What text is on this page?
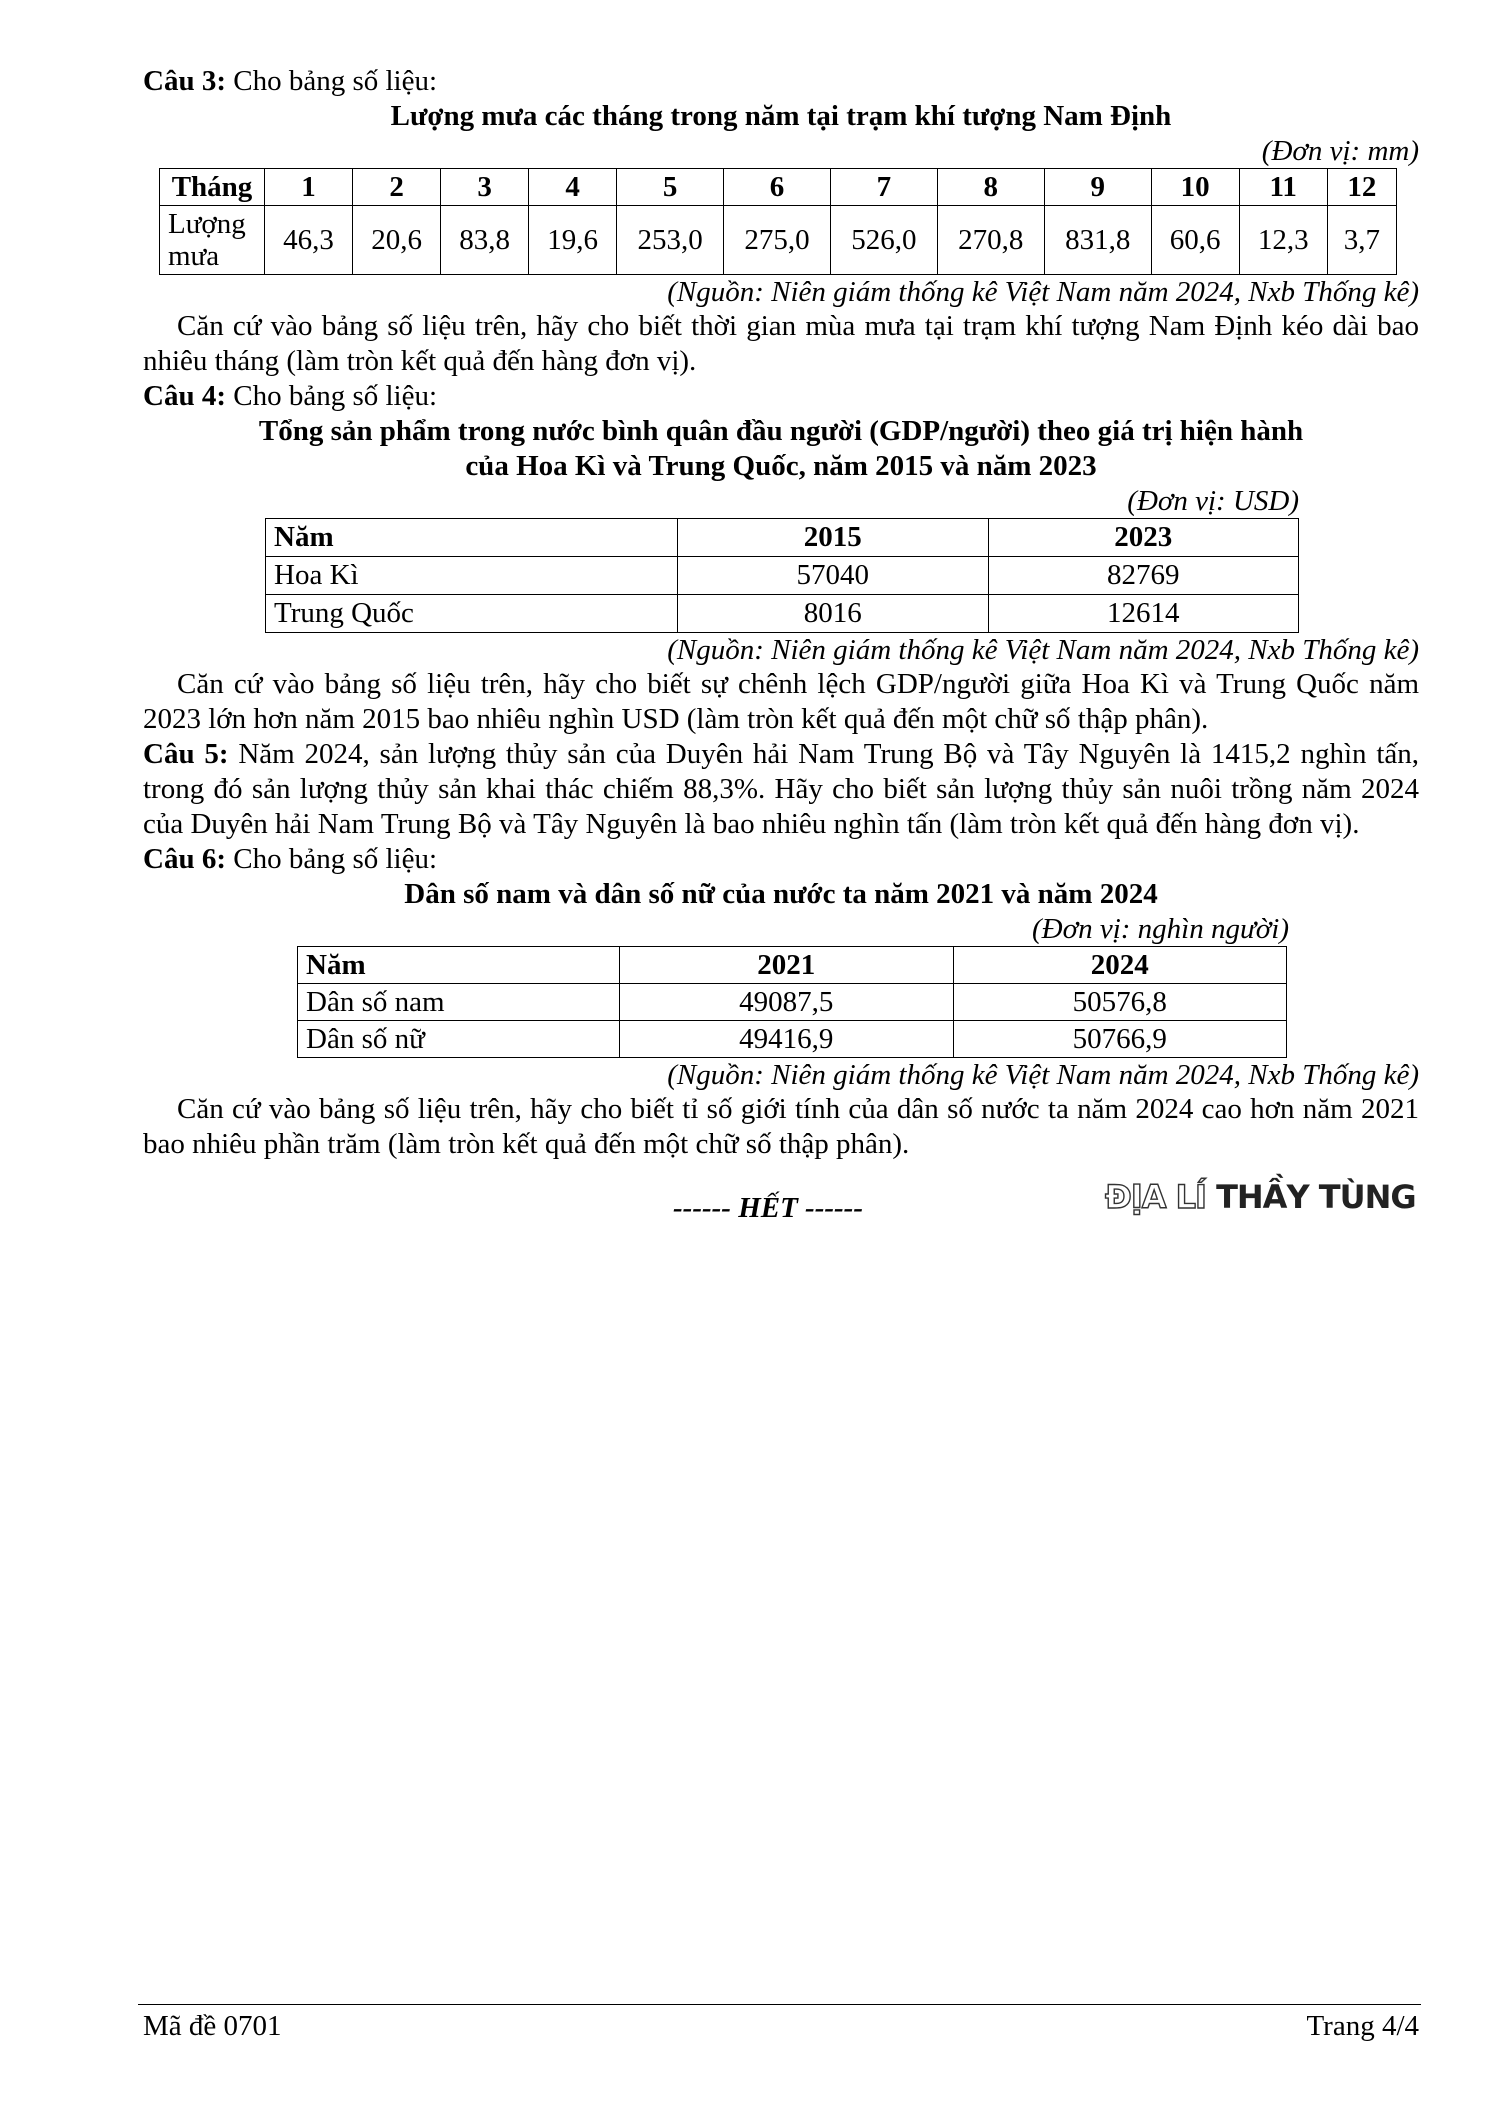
Câu 3: Cho bảng số liệu:

Lượng mưa các tháng trong năm tại trạm khí tượng Nam Định

(Đơn vị: mm)

Tháng	1	2	3	4	5	6	7	8	9	10	11	12
Lượng
mưa	46,3	20,6	83,8	19,6	253,0	275,0	526,0	270,8	831,8	60,6	12,3	3,7

(Nguồn: Niên giám thống kê Việt Nam năm 2024, Nxb Thống kê)

Căn cứ vào bảng số liệu trên, hãy cho biết thời gian mùa mưa tại trạm khí tượng Nam Định kéo dài bao nhiêu tháng (làm tròn kết quả đến hàng đơn vị).

Câu 4: Cho bảng số liệu:

Tổng sản phẩm trong nước bình quân đầu người (GDP/người) theo giá trị hiện hành
của Hoa Kì và Trung Quốc, năm 2015 và năm 2023

(Đơn vị: USD)

Năm	2015	2023
Hoa Kì	57040	82769
Trung Quốc	8016	12614

(Nguồn: Niên giám thống kê Việt Nam năm 2024, Nxb Thống kê)

Căn cứ vào bảng số liệu trên, hãy cho biết sự chênh lệch GDP/người giữa Hoa Kì và Trung Quốc năm 2023 lớn hơn năm 2015 bao nhiêu nghìn USD (làm tròn kết quả đến một chữ số thập phân).

Câu 5: Năm 2024, sản lượng thủy sản của Duyên hải Nam Trung Bộ và Tây Nguyên là 1415,2 nghìn tấn, trong đó sản lượng thủy sản khai thác chiếm 88,3%. Hãy cho biết sản lượng thủy sản nuôi trồng năm 2024 của Duyên hải Nam Trung Bộ và Tây Nguyên là bao nhiêu nghìn tấn (làm tròn kết quả đến hàng đơn vị).

Câu 6: Cho bảng số liệu:

Dân số nam và dân số nữ của nước ta năm 2021 và năm 2024

(Đơn vị: nghìn người)

Năm	2021	2024
Dân số nam	49087,5	50576,8
Dân số nữ	49416,9	50766,9

(Nguồn: Niên giám thống kê Việt Nam năm 2024, Nxb Thống kê)

Căn cứ vào bảng số liệu trên, hãy cho biết tỉ số giới tính của dân số nước ta năm 2024 cao hơn năm 2021 bao nhiêu phần trăm (làm tròn kết quả đến một chữ số thập phân).

------ HẾT ------	ĐỊA LÍ THẦY TÙNG
Mã đề 0701	Trang 4/4
